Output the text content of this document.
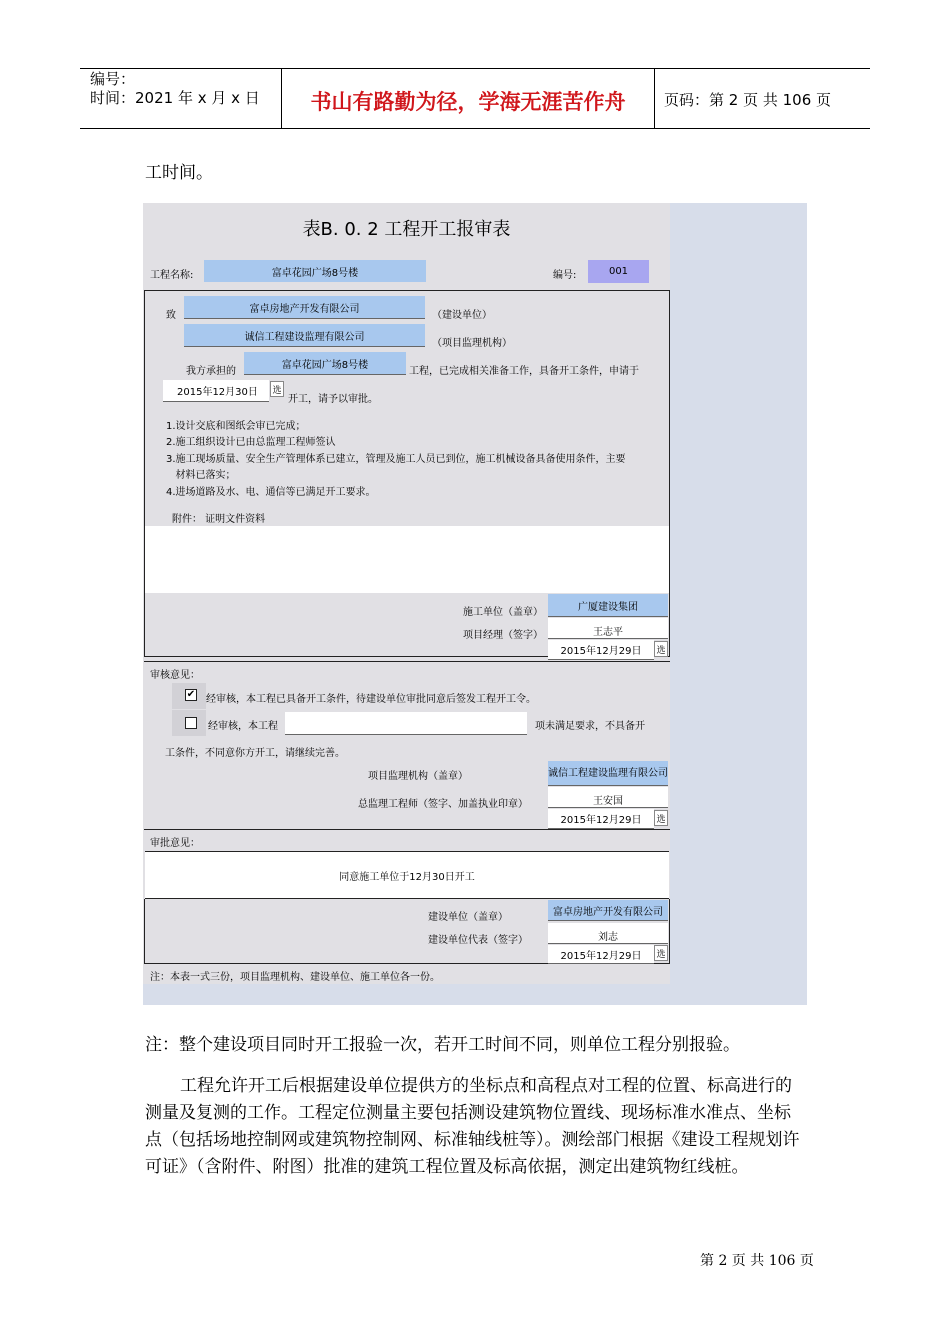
编号：
时间：2021 年 x 月 x 日	书山有路勤为径，学海无涯苦作舟	页码：第 2 页 共 106 页
工时间。
表B. 0. 2 工程开工报审表
工程名称:	富卓花园广场8号楼	编号:	001
致
富卓房地产开发有限公司
（建设单位）
诚信工程建设监理有限公司
（项目监理机构）
我方承担的
富卓花园广场8号楼
工程，已完成相关准备工作，具备开工条件，申请于
2015年12月30日	选
开工，请予以审批。
1.设计交底和图纸会审已完成；
2.施工组织设计已由总监理工程师签认
3.施工现场质量、安全生产管理体系已建立，管理及施工人员已到位，施工机械设备具备使用条件，主要
材料已落实；
4.进场道路及水、电、通信等已满足开工要求。
附件： 证明文件资料
施工单位（盖章）	广厦建设集团
项目经理（签字）	王志平
2015年12月29日	选
审核意见：
✔ 经审核，本工程已具备开工条件，待建设单位审批同意后签发工程开工令。
经审核，本工程	项未满足要求，不具备开
工条件，不同意你方开工，请继续完善。
项目监理机构（盖章）	诚信工程建设监理有限公司
总监理工程师（签字、加盖执业印章）	王安国
2015年12月29日	选
审批意见：
同意施工单位于12月30日开工
建设单位（盖章）	富卓房地产开发有限公司
建设单位代表（签字）	刘志
2015年12月29日	选
注：本表一式三份，项目监理机构、建设单位、施工单位各一份。
注：整个建设项目同时开工报验一次，若开工时间不同，则单位工程分别报验。
工程允许开工后根据建设单位提供方的坐标点和高程点对工程的位置、标高进行的
测量及复测的工作。工程定位测量主要包括测设建筑物位置线、现场标准水准点、坐标
点（包括场地控制网或建筑物控制网、标准轴线桩等）。测绘部门根据《建设工程规划许
可证》（含附件、附图）批准的建筑工程位置及标高依据，测定出建筑物红线桩。
第 2 页 共 106 页
